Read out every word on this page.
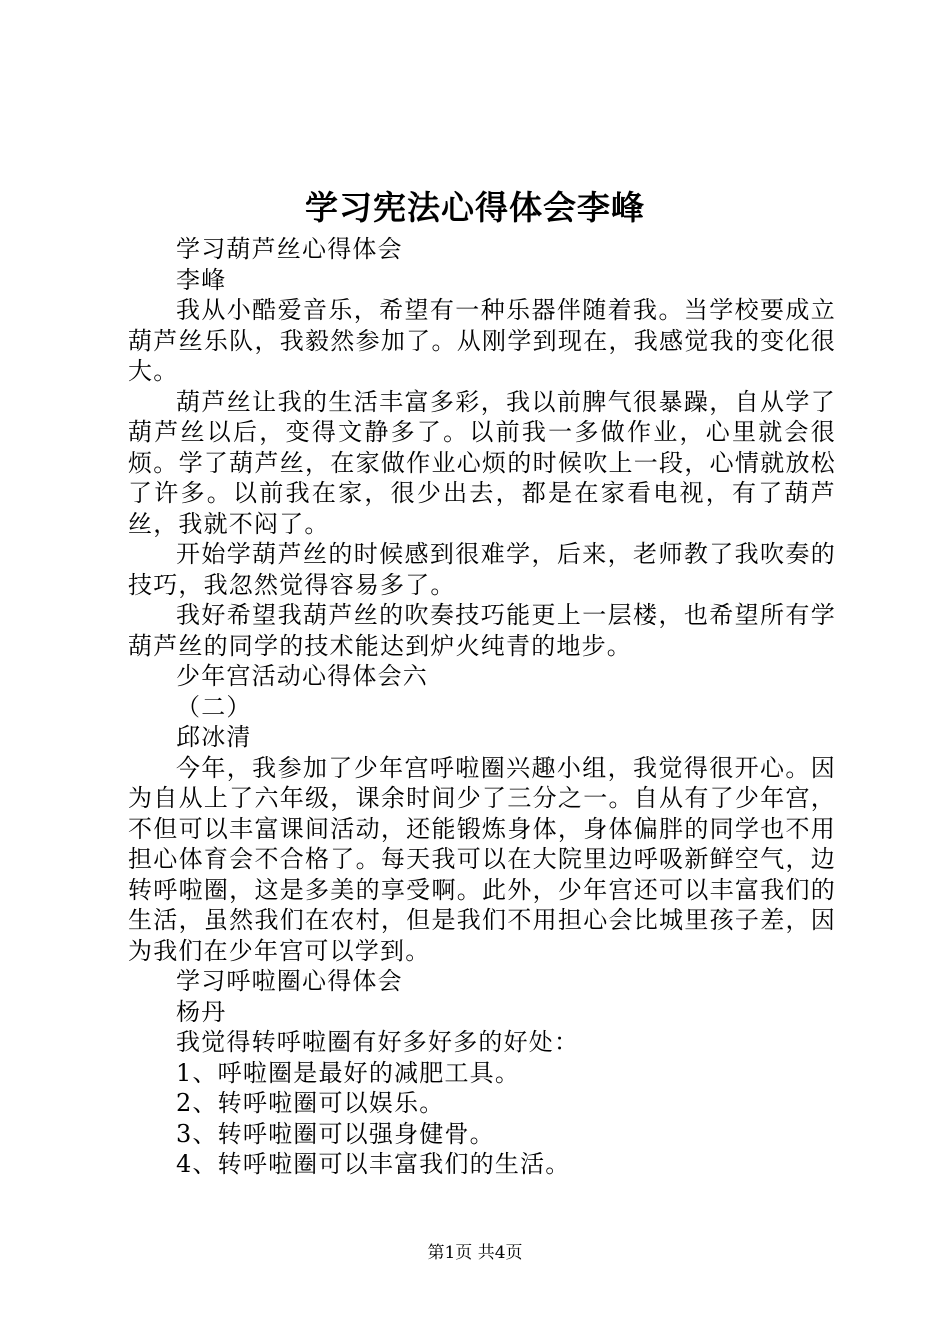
学习宪法心得体会李峰

学习葫芦丝心得体会

李峰

我从小酷爱音乐，希望有一种乐器伴随着我。当学校要成立葫芦丝乐队，我毅然参加了。从刚学到现在，我感觉我的变化很大。

葫芦丝让我的生活丰富多彩，我以前脾气很暴躁，自从学了葫芦丝以后，变得文静多了。以前我一多做作业，心里就会很烦。学了葫芦丝，在家做作业心烦的时候吹上一段，心情就放松了许多。以前我在家，很少出去，都是在家看电视，有了葫芦丝，我就不闷了。

开始学葫芦丝的时候感到很难学，后来，老师教了我吹奏的技巧，我忽然觉得容易多了。

我好希望我葫芦丝的吹奏技巧能更上一层楼，也希望所有学葫芦丝的同学的技术能达到炉火纯青的地步。

少年宫活动心得体会六

（二）

邱冰清

今年，我参加了少年宫呼啦圈兴趣小组，我觉得很开心。因为自从上了六年级，课余时间少了三分之一。自从有了少年宫，不但可以丰富课间活动，还能锻炼身体，身体偏胖的同学也不用担心体育会不合格了。每天我可以在大院里边呼吸新鲜空气，边转呼啦圈，这是多美的享受啊。此外，少年宫还可以丰富我们的生活，虽然我们在农村，但是我们不用担心会比城里孩子差，因为我们在少年宫可以学到。

学习呼啦圈心得体会

杨丹

我觉得转呼啦圈有好多好多的好处：

1、呼啦圈是最好的减肥工具。

2、转呼啦圈可以娱乐。

3、转呼啦圈可以强身健骨。

4、转呼啦圈可以丰富我们的生活。

第1页 共4页
